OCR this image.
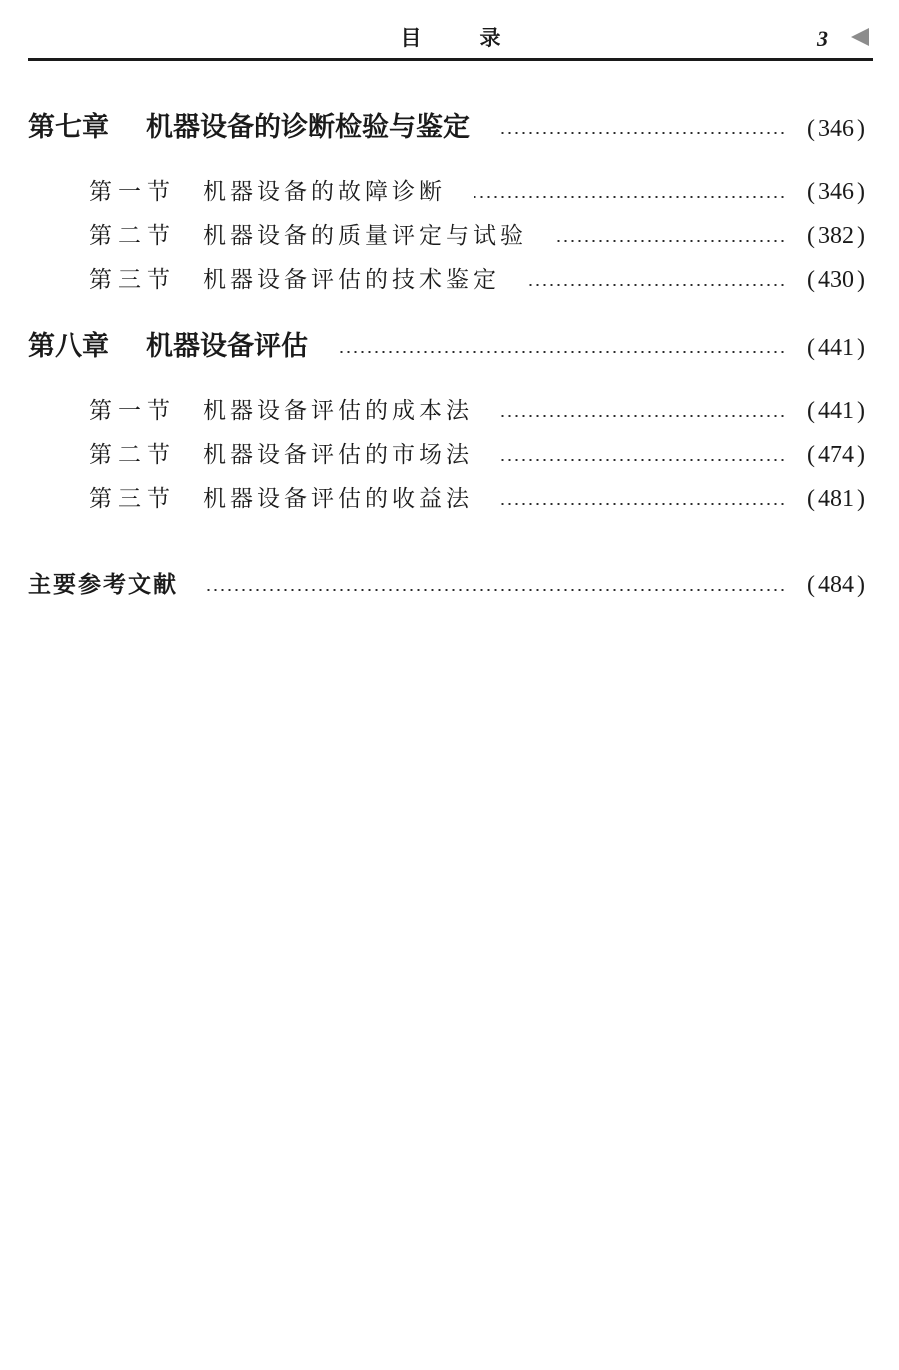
目录	3
第七章	机器设备的诊断检验与鉴定	( 346 )
第一节	机器设备的故障诊断	( 346 )
第二节	机器设备的质量评定与试验	( 382 )
第三节	机器设备评估的技术鉴定	( 430 )
第八章	机器设备评估	( 441 )
第一节	机器设备评估的成本法	( 441 )
第二节	机器设备评估的市场法	( 474 )
第三节	机器设备评估的收益法	( 481 )
主要参考文献	( 484 )
